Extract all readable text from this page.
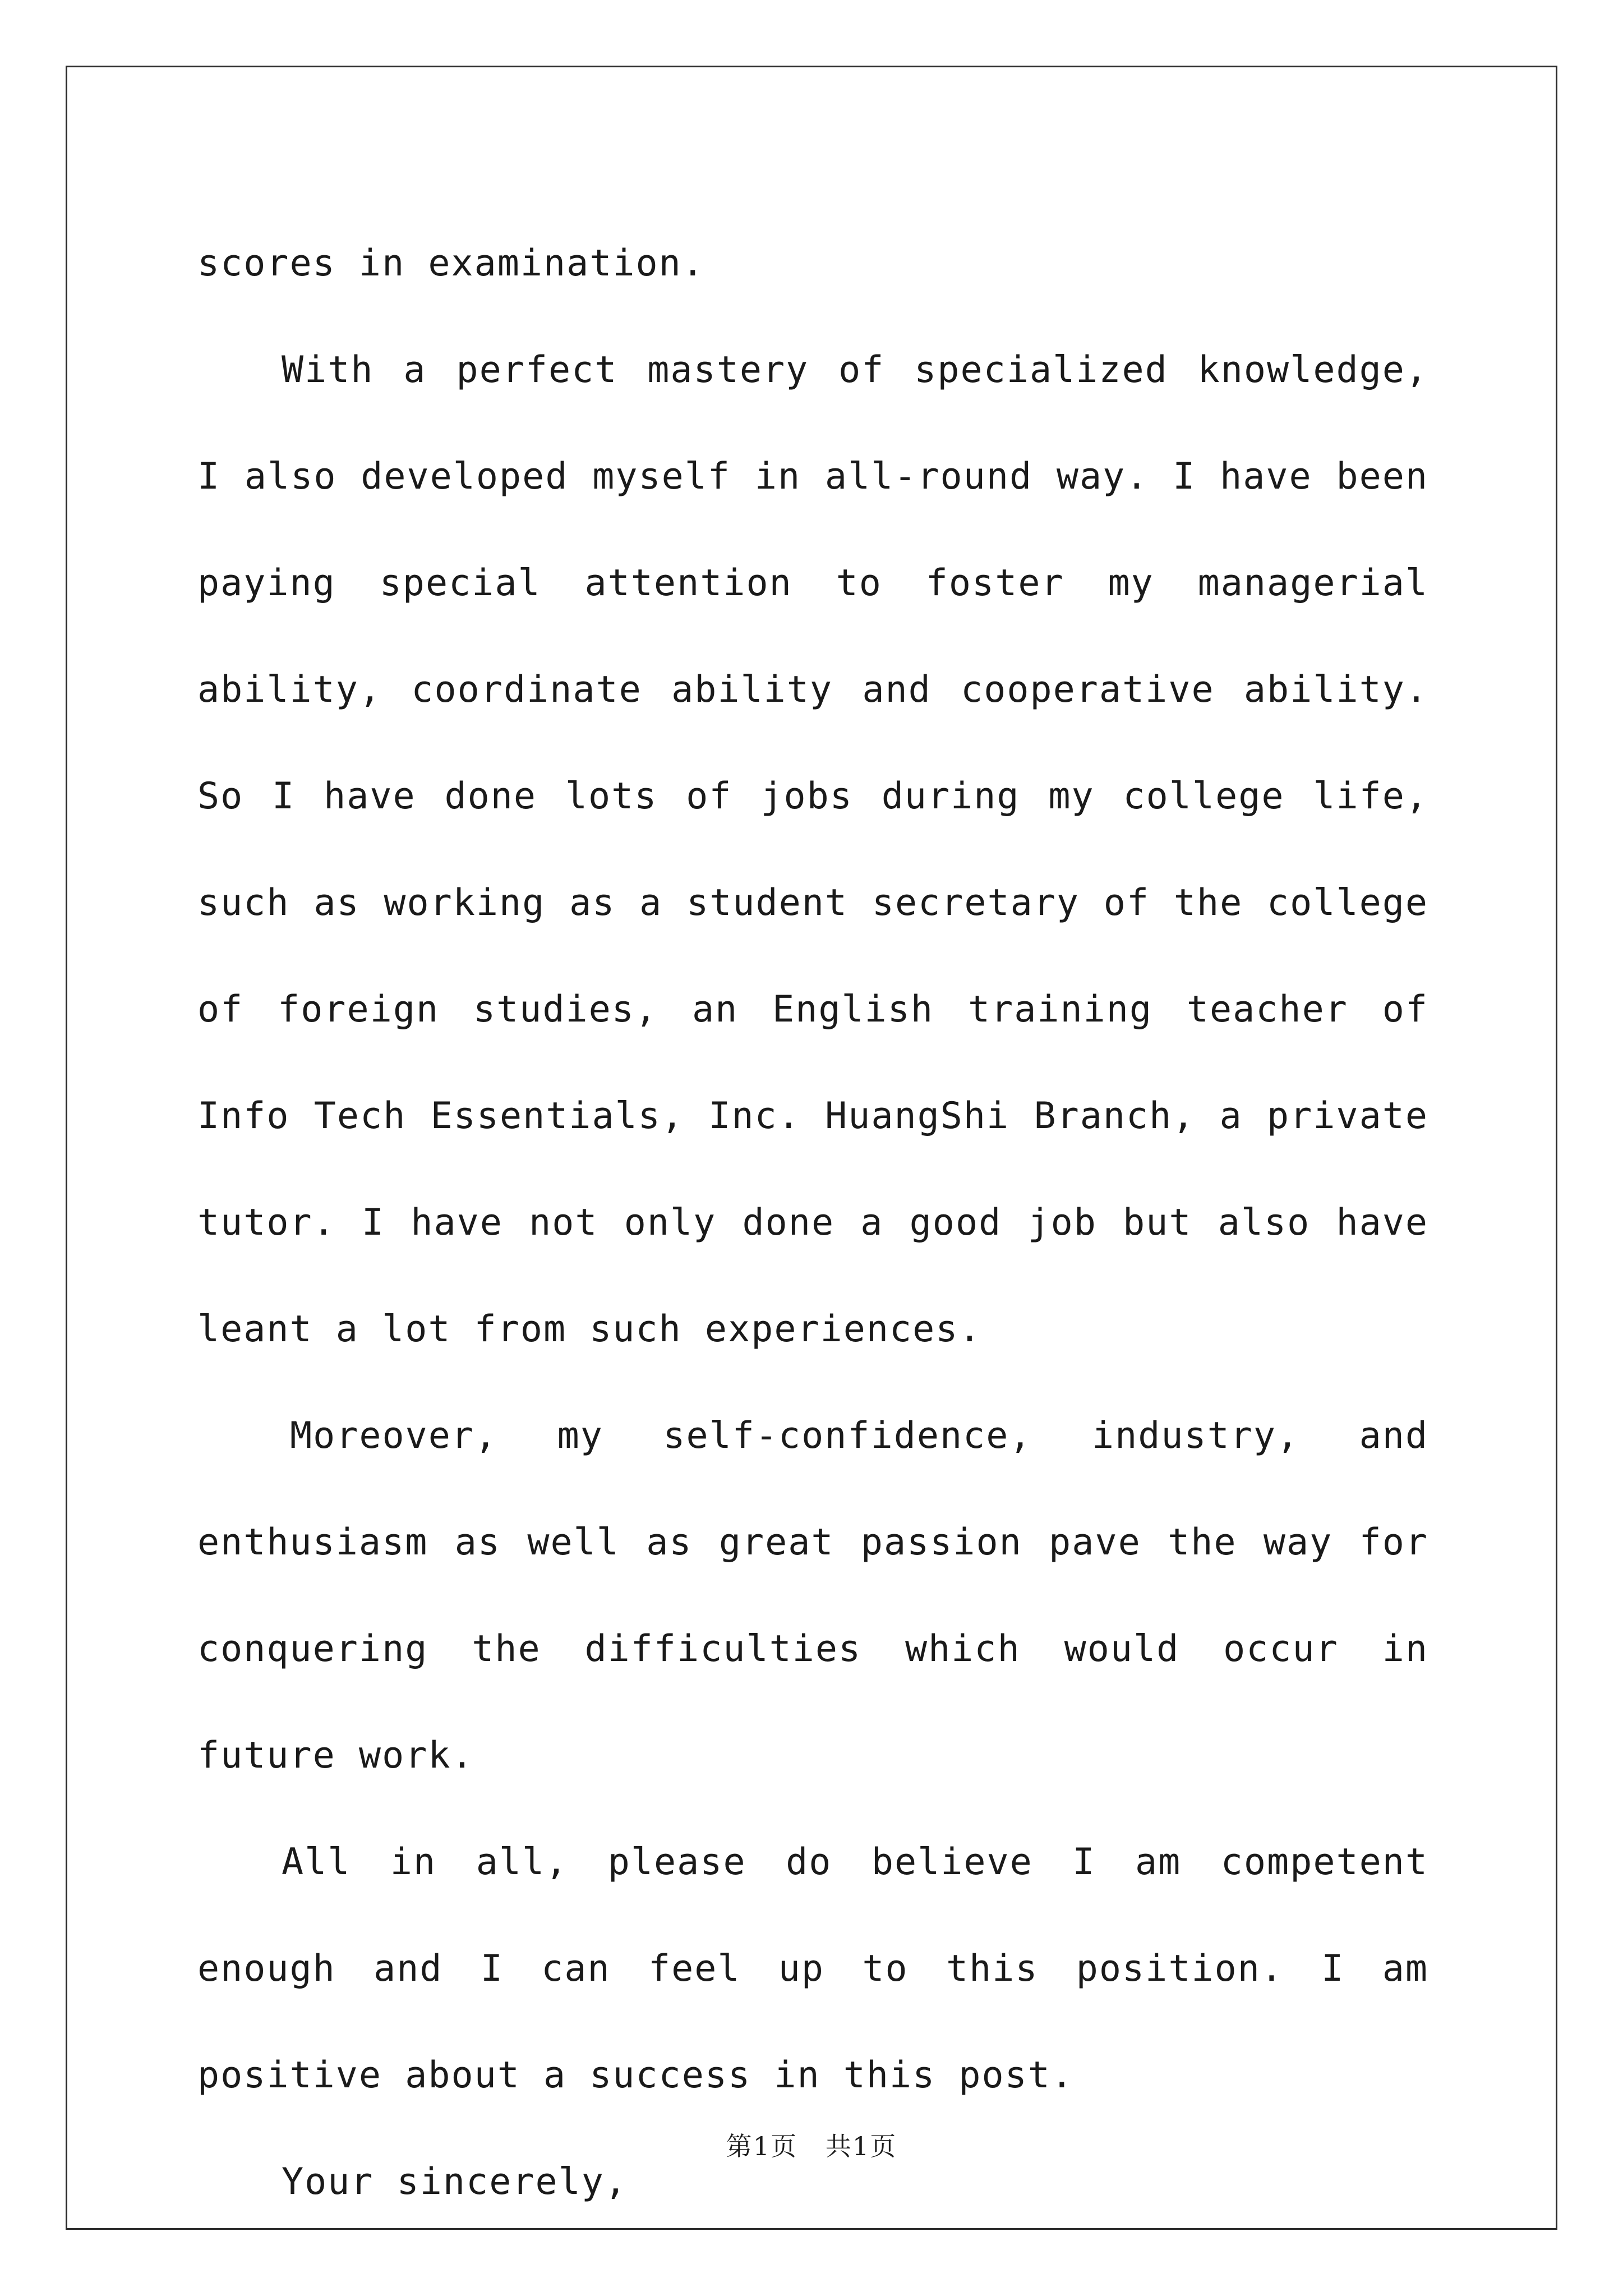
scores in examination.

With a perfect mastery of specialized knowledge, I also developed myself in all-round way. I have been paying special attention to foster my managerial ability, coordinate ability and cooperative ability. So I have done lots of jobs during my college life, such as working as a student secretary of the college of foreign studies, an English training teacher of Info Tech Essentials, Inc. HuangShi Branch, a private tutor. I have not only done a good job but also have leant a lot from such experiences.

Moreover, my self-confidence, industry, and enthusiasm as well as great passion pave the way for conquering the difficulties which would occur in future work.

All in all, please do believe I am competent enough and I can feel up to this position. I am positive about a success in this post.

Your sincerely,

第1页   共1页
